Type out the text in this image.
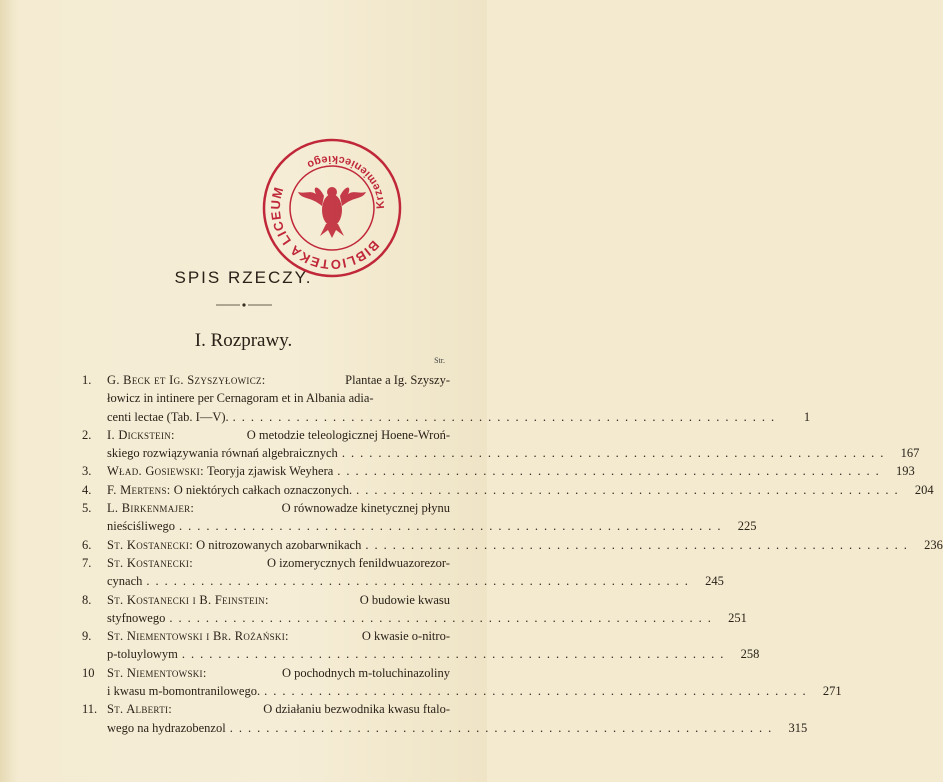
BIBLIOTEKA LICEUM
Krzemienieckiego
SPIS RZECZY.
I. Rozprawy.
Str.
1. G. Beck et Ig. Szyszyłowicz:
	Plantae a Ig. Szyszy-
łowicz in intinere per Cernagoram et in Albania adia-
centi lectae (Tab. I—V). ............................................................	1
2. I. Dickstein:
	O metodzie teleologicznej Hoene-Wroń-
skiego rozwiązywania równań algebraicznych ............................................................ 167
3. Wład. Gosiewski: Teoryja zjawisk Weyhera ............................................................ 193
4. F. Mertens: O niektórych całkach oznaczonych. ............................................................ 204
5. L. Birkenmajer:
	O równowadze kinetycznej płynu
nieściśliwego ............................................................ 225
6. St. Kostanecki: O nitrozowanych azobarwnikach ............................................................ 236
7. St. Kostanecki:
	O izomerycznych fenildwuazorezor-
cynach ............................................................ 245
8. St. Kostanecki i B. Feinstein:
	O budowie kwasu
styfnowego ............................................................ 251
9. St. Niementowski i Br. Rożański:
	O kwasie o-nitro-
p-toluylowym ............................................................ 258
10 St. Niementowski:
	O pochodnych m-toluchinazoliny
i kwasu m-bomontranilowego. ............................................................ 271
11. St. Alberti:
	O działaniu bezwodnika kwasu ftalo-
wego na hydrazobenzol ............................................................ 315
